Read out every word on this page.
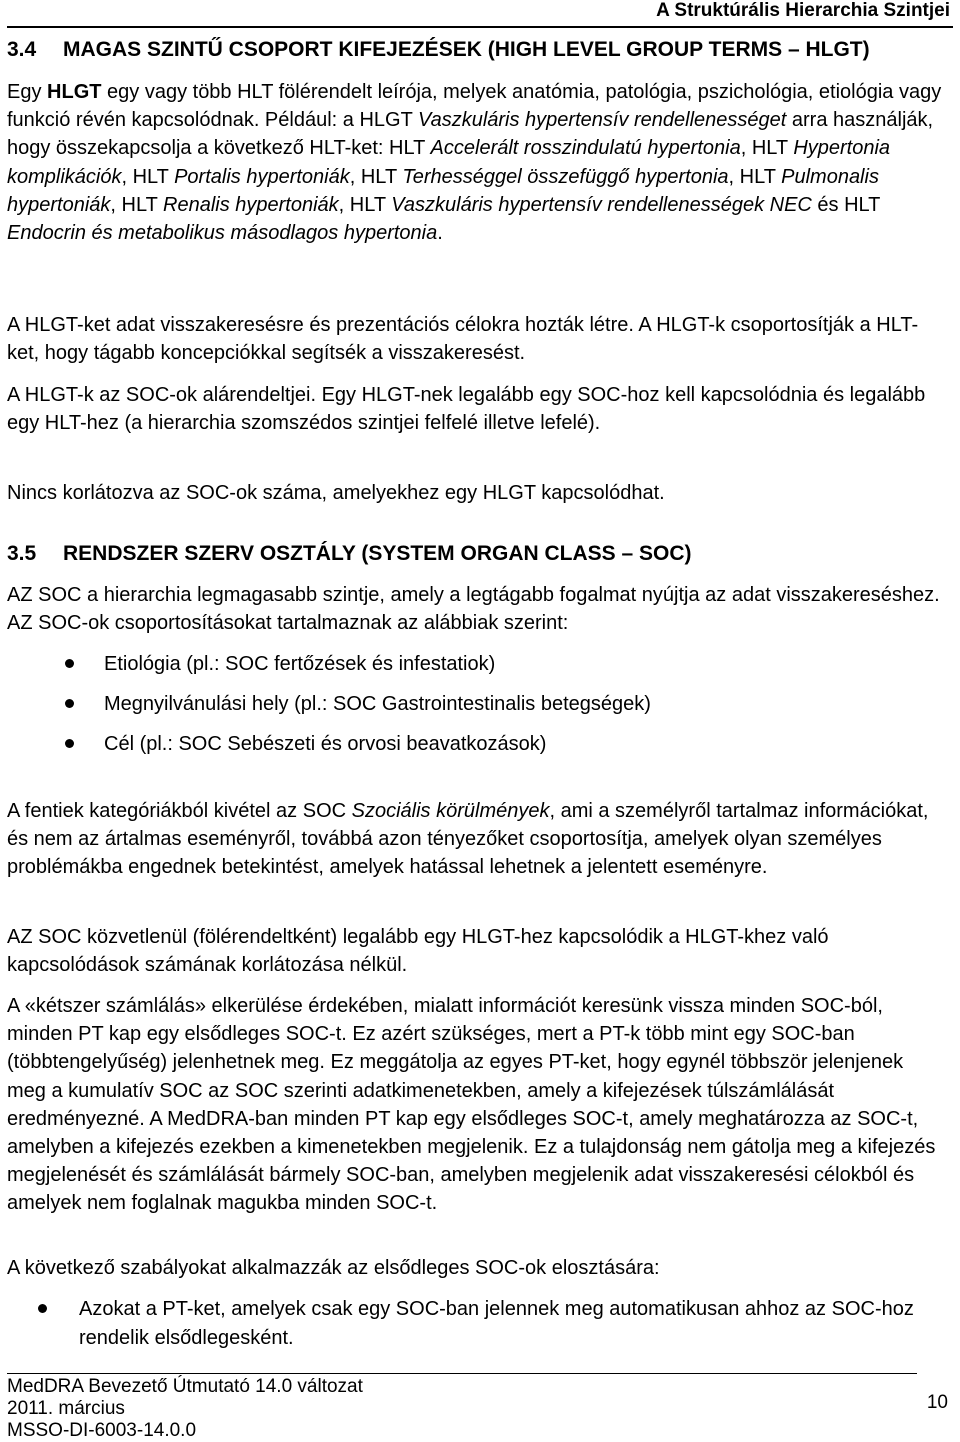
A Struktúrális Hierarchia Szintjei
3.4 MAGAS SZINTŰ CSOPORT KIFEJEZÉSEK (HIGH LEVEL GROUP TERMS – HLGT)
Egy HLGT egy vagy több HLT fölérendelt leírója, melyek anatómia, patológia, pszichológia, etiológia vagy funkció révén kapcsolódnak. Például: a HLGT Vaszkuláris hypertensív rendellenességet arra használják, hogy összekapcsolja a következő HLT-ket: HLT Accelerált rosszindulatú hypertonia, HLT Hypertonia komplikációk, HLT Portalis hypertoniák, HLT Terhességgel összefüggő hypertonia, HLT Pulmonalis hypertoniák, HLT Renalis hypertoniák, HLT Vaszkuláris hypertensív rendellenességek NEC és HLT Endocrin és metabolikus másodlagos hypertonia.
A HLGT-ket adat visszakeresésre és prezentációs célokra hozták létre. A HLGT-k csoportosítják a HLT-ket, hogy tágabb koncepciókkal segítsék a visszakeresést.
A HLGT-k az SOC-ok alárendeltjei. Egy HLGT-nek legalább egy SOC-hoz kell kapcsolódnia és legalább egy HLT-hez (a hierarchia szomszédos szintjei felfelé illetve lefelé).
Nincs korlátozva az SOC-ok száma, amelyekhez egy HLGT kapcsolódhat.
3.5 RENDSZER SZERV OSZTÁLY (SYSTEM ORGAN CLASS – SOC)
AZ SOC a hierarchia legmagasabb szintje, amely a legtágabb fogalmat nyújtja az adat visszakereséshez. AZ SOC-ok csoportosításokat tartalmaznak az alábbiak szerint:
Etiológia (pl.: SOC fertőzések és infestatiok)
Megnyilvánulási hely (pl.: SOC Gastrointestinalis betegségek)
Cél (pl.: SOC Sebészeti és orvosi beavatkozások)
A fentiek kategóriákból kivétel az SOC Szociális körülmények, ami a személyről tartalmaz információkat, és nem az ártalmas eseményről, továbbá azon tényezőket csoportosítja, amelyek olyan személyes problémákba engednek betekintést, amelyek hatással lehetnek a jelentett eseményre.
AZ SOC közvetlenül (fölérendeltként) legalább egy HLGT-hez kapcsolódik a HLGT-khez való kapcsolódások számának korlátozása nélkül.
A «kétszer számlálás» elkerülése érdekében, mialatt információt keresünk vissza minden SOC-ból, minden PT kap egy elsődleges SOC-t. Ez azért szükséges, mert a PT-k több mint egy SOC-ban (többtengelyűség) jelenhetnek meg. Ez meggátolja az egyes PT-ket, hogy egynél többször jelenjenek meg a kumulatív SOC az SOC szerinti adatkimenetekben, amely a kifejezések túlszámlálását eredményezné. A MedDRA-ban minden PT kap egy elsődleges SOC-t, amely meghatározza az SOC-t, amelyben a kifejezés ezekben a kimenetekben megjelenik. Ez a tulajdonság nem gátolja meg a kifejezés megjelenését és számlálását bármely SOC-ban, amelyben megjelenik adat visszakeresési célokból és amelyek nem foglalnak magukba minden SOC-t.
A következő szabályokat alkalmazzák az elsődleges SOC-ok elosztására:
Azokat a PT-ket, amelyek csak egy SOC-ban jelennek meg automatikusan ahhoz az SOC-hoz rendelik elsődlegesként.
MedDRA Bevezető Útmutató 14.0 változat
2011. március
MSSO-DI-6003-14.0.0
10
